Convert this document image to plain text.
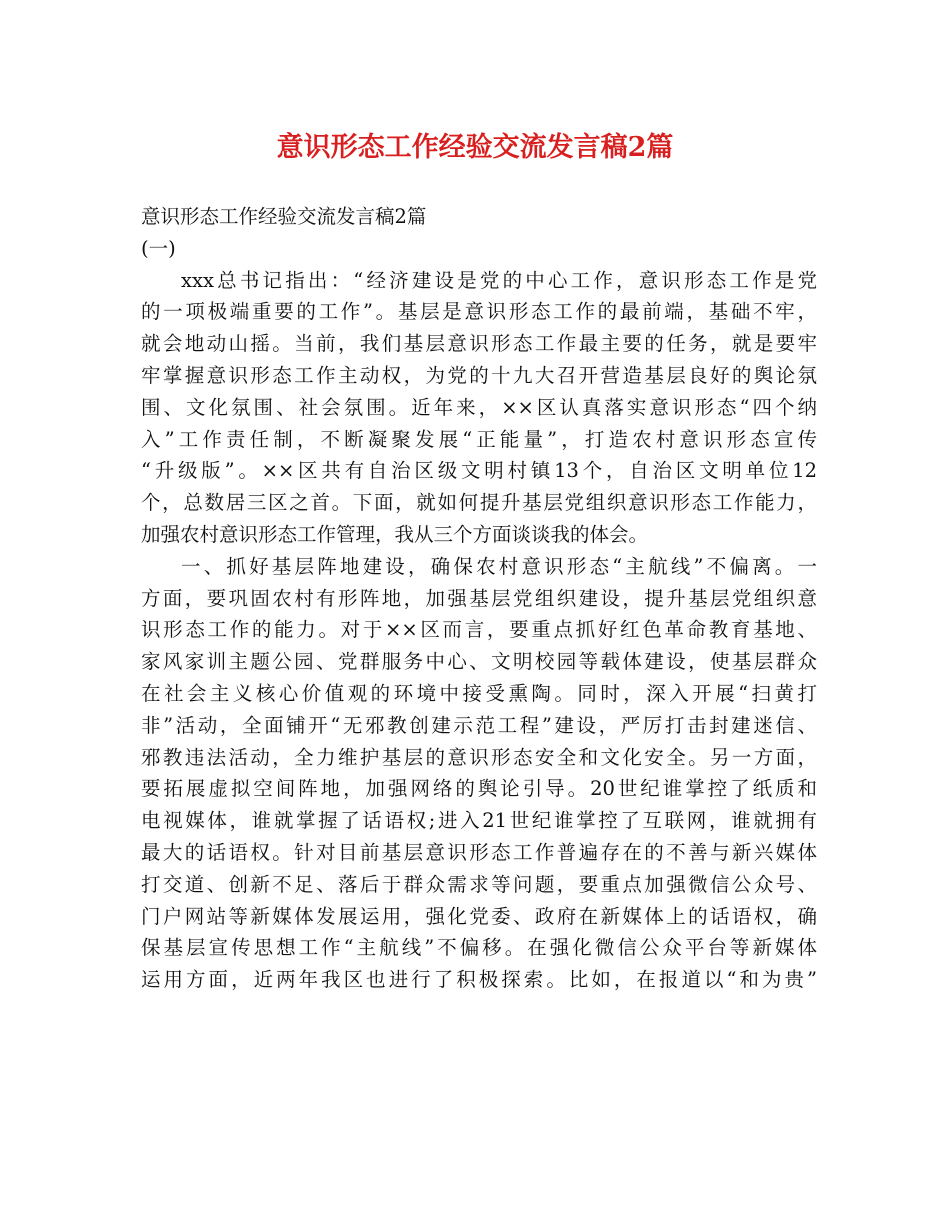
意识形态工作经验交流发言稿2篇
意识形态工作经验交流发言稿2篇
(一)
xxx总书记指出：“经济建设是党的中心工作，意识形态工作是党
的一项极端重要的工作”。基层是意识形态工作的最前端，基础不牢，
就会地动山摇。当前，我们基层意识形态工作最主要的任务，就是要牢
牢掌握意识形态工作主动权，为党的十九大召开营造基层良好的舆论氛
围、文化氛围、社会氛围。近年来，××区认真落实意识形态“四个纳
入”工作责任制，不断凝聚发展“正能量”，打造农村意识形态宣传
“升级版”。××区共有自治区级文明村镇13个，自治区文明单位12
个，总数居三区之首。下面，就如何提升基层党组织意识形态工作能力，
加强农村意识形态工作管理，我从三个方面谈谈我的体会。
一、抓好基层阵地建设，确保农村意识形态“主航线”不偏离。一
方面，要巩固农村有形阵地，加强基层党组织建设，提升基层党组织意
识形态工作的能力。对于××区而言，要重点抓好红色革命教育基地、
家风家训主题公园、党群服务中心、文明校园等载体建设，使基层群众
在社会主义核心价值观的环境中接受熏陶。同时，深入开展“扫黄打
非”活动，全面铺开“无邪教创建示范工程”建设，严厉打击封建迷信、
邪教违法活动，全力维护基层的意识形态安全和文化安全。另一方面，
要拓展虚拟空间阵地，加强网络的舆论引导。20世纪谁掌控了纸质和
电视媒体，谁就掌握了话语权;进入21世纪谁掌控了互联网，谁就拥有
最大的话语权。针对目前基层意识形态工作普遍存在的不善与新兴媒体
打交道、创新不足、落后于群众需求等问题，要重点加强微信公众号、
门户网站等新媒体发展运用，强化党委、政府在新媒体上的话语权，确
保基层宣传思想工作“主航线”不偏移。在强化微信公众平台等新媒体
运用方面，近两年我区也进行了积极探索。比如，在报道以“和为贵”
